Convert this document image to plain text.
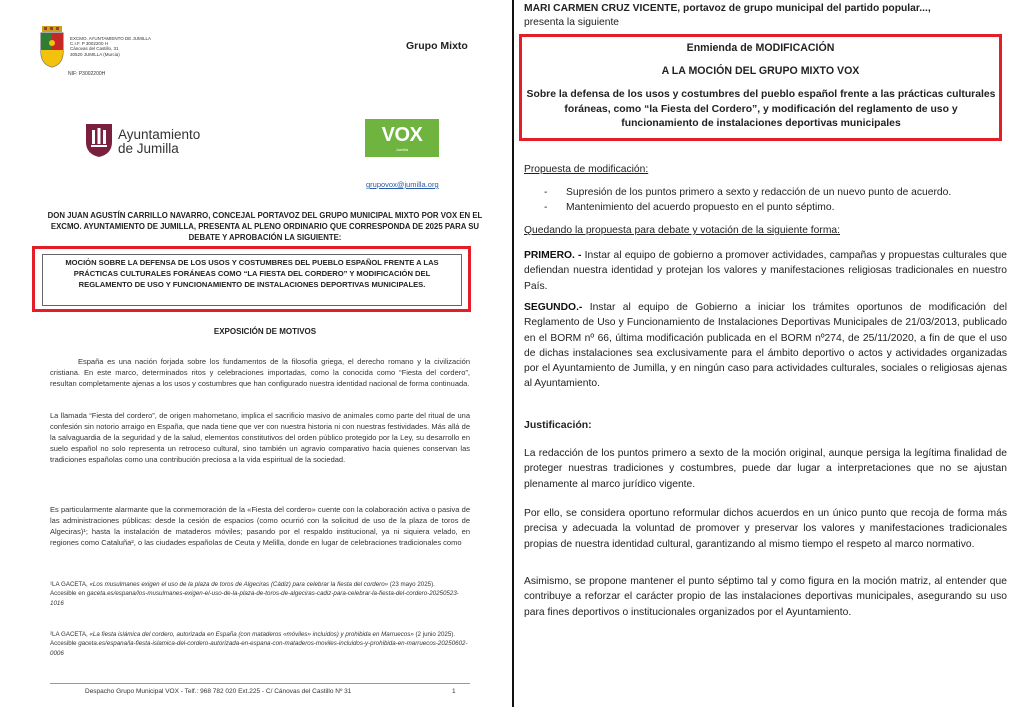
EXCMO. AYUNTAMIENTO DE JUMILLA
C.I.F. P 3002200 H
Cánovas del Castillo, 31
30520 JUMILLA (Murcia)
NIF: P3002200H
Grupo Mixto
Ayuntamiento
de Jumilla
VOX
Jumilla
grupovox@jumilla.org
DON JUAN AGUSTÍN CARRILLO NAVARRO, CONCEJAL PORTAVOZ DEL GRUPO MUNICIPAL MIXTO POR VOX EN EL EXCMO. AYUNTAMIENTO DE JUMILLA, PRESENTA AL PLENO ORDINARIO QUE CORRESPONDA DE 2025 PARA SU DEBATE Y APROBACIÓN LA SIGUIENTE:
MOCIÓN SOBRE LA DEFENSA DE LOS USOS Y COSTUMBRES DEL PUEBLO ESPAÑOL FRENTE A LAS PRÁCTICAS CULTURALES FORÁNEAS COMO “LA FIESTA DEL CORDERO” Y MODIFICACIÓN DEL REGLAMENTO DE USO Y FUNCIONAMIENTO DE INSTALACIONES DEPORTIVAS MUNICIPALES.
EXPOSICIÓN DE MOTIVOS
España es una nación forjada sobre los fundamentos de la filosofía griega, el derecho romano y la civilización cristiana. En este marco, determinados ritos y celebraciones importadas, como la conocida como “Fiesta del cordero”, resultan completamente ajenas a los usos y costumbres que han configurado nuestra identidad nacional de forma continuada.
La llamada “Fiesta del cordero”, de origen mahometano, implica el sacrificio masivo de animales como parte del ritual de una confesión sin notorio arraigo en España, que nada tiene que ver con nuestra historia ni con nuestras festividades. Más allá de la salvaguardia de la seguridad y de la salud, elementos constitutivos del orden público protegido por la Ley, su desarrollo en suelo español no solo representa un retroceso cultural, sino también un agravio comparativo hacia quienes conservan las tradiciones españolas como una contribución preciosa a la vida espiritual de la sociedad.
Es particularmente alarmante que la conmemoración de la «Fiesta del cordero» cuente con la colaboración activa o pasiva de las administraciones públicas: desde la cesión de espacios (como ocurrió con la solicitud de uso de la plaza de toros de Algeciras)¹; hasta la instalación de mataderos móviles; pasando por el respaldo institucional, ya ni siquiera velado, en regiones como Cataluña², o las ciudades españolas de Ceuta y Melilla, donde en lugar de celebraciones tradicionales como
¹LA GACETA, «Los musulmanes exigen el uso de la plaza de toros de Algeciras (Cádiz) para celebrar la fiesta del cordero» (23 mayo 2025).
Accesible en gaceta.es/espana/los-musulmanes-exigen-el-uso-de-la-plaza-de-toros-de-algeciras-cadiz-para-celebrar-la-fiesta-del-cordero-20250523-1016
²LA GACETA, «La fiesta islámica del cordero, autorizada en España (con mataderos «móviles» incluidos) y prohibida en Marruecos» (2 junio 2025).
Accesible gaceta.es/espana/la-fiesta-islamica-del-cordero-autorizada-en-espana-con-mataderos-moviles-incluidos-y-prohibida-en-marruecos-20250602-0006
Despacho Grupo Municipal VOX - Telf.: 968 782 020 Ext.225 - C/ Cánovas del Castillo Nº 31	1
MARI CARMEN CRUZ VICENTE, portavoz de grupo municipal del partido popular...,
presenta la siguiente
Enmienda de MODIFICACIÓN
A LA MOCIÓN DEL GRUPO MIXTO VOX
Sobre la defensa de los usos y costumbres del pueblo español frente a las prácticas culturales foráneas, como “la Fiesta del Cordero”, y modificación del reglamento de uso y funcionamiento de instalaciones deportivas municipales
Propuesta de modificación:
- Supresión de los puntos primero a sexto y redacción de un nuevo punto de acuerdo.
- Mantenimiento del acuerdo propuesto en el punto séptimo.
Quedando la propuesta para debate y votación de la siguiente forma:
PRIMERO. - Instar al equipo de gobierno a promover actividades, campañas y propuestas culturales que defiendan nuestra identidad y protejan los valores y manifestaciones religiosas tradicionales en nuestro País.
SEGUNDO.- Instar al equipo de Gobierno a iniciar los trámites oportunos de modificación del Reglamento de Uso y Funcionamiento de Instalaciones Deportivas Municipales de 21/03/2013, publicado en el BORM nº 66, última modificación publicada en el BORM nº274, de 25/11/2020, a fin de que el uso de dichas instalaciones sea exclusivamente para el ámbito deportivo o actos y actividades organizadas por el Ayuntamiento de Jumilla, y en ningún caso para actividades culturales, sociales o religiosas ajenas al Ayuntamiento.
Justificación:
La redacción de los puntos primero a sexto de la moción original, aunque persiga la legítima finalidad de proteger nuestras tradiciones y costumbres, puede dar lugar a interpretaciones que no se ajustan plenamente al marco jurídico vigente.
Por ello, se considera oportuno reformular dichos acuerdos en un único punto que recoja de forma más precisa y adecuada la voluntad de promover y preservar los valores y manifestaciones tradicionales propias de nuestra identidad cultural, garantizando al mismo tiempo el respeto al marco normativo.
Asimismo, se propone mantener el punto séptimo tal y como figura en la moción matriz, al entender que contribuye a reforzar el carácter propio de las instalaciones deportivas municipales, asegurando su uso para fines deportivos o institucionales organizados por el Ayuntamiento.
